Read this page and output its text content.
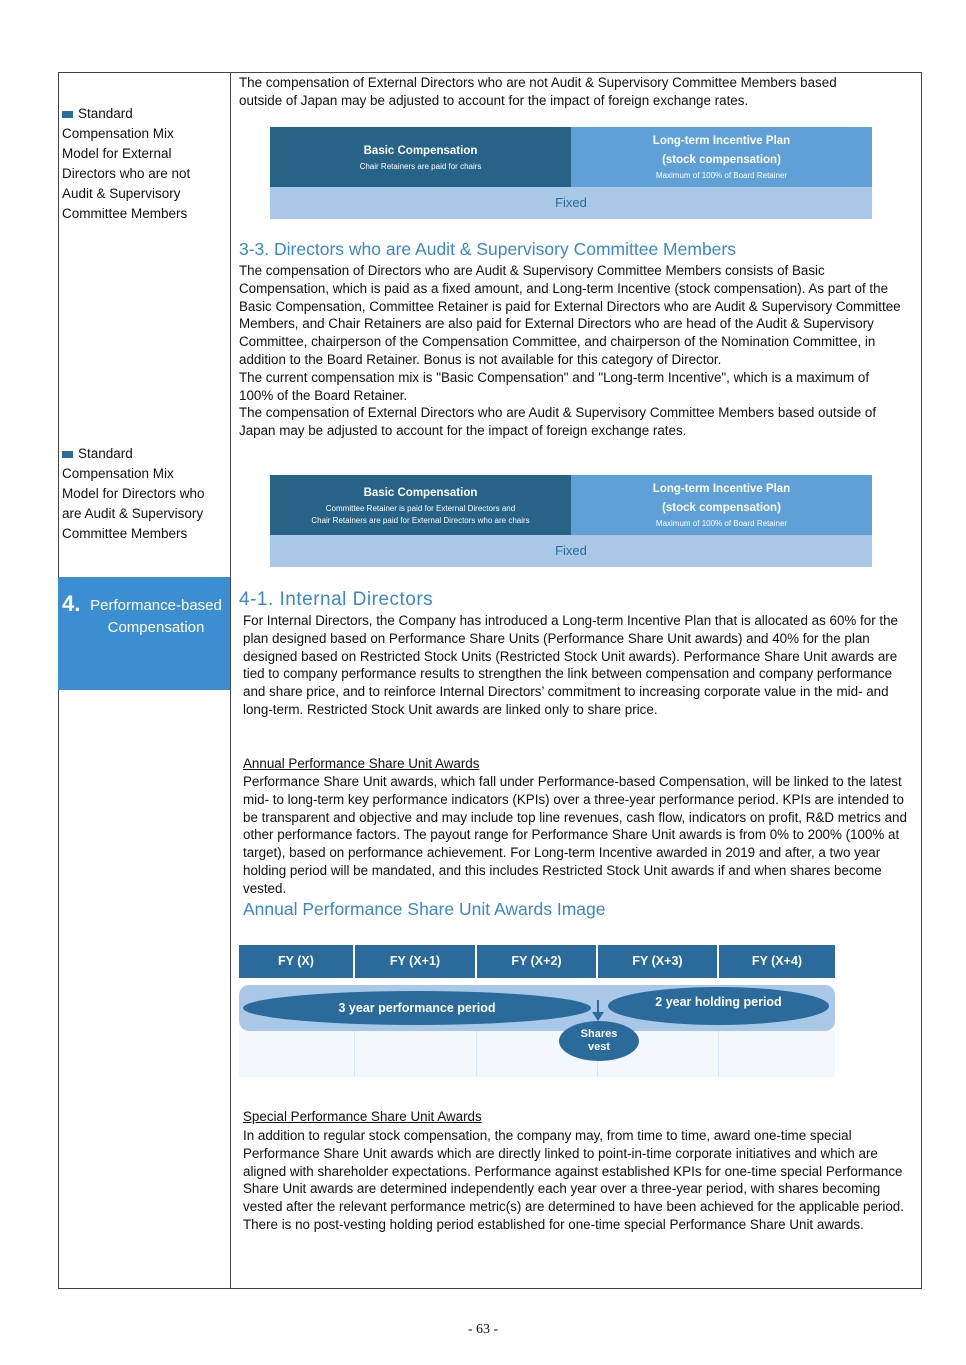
Standard
Compensation Mix
Model for External
Directors who are not
Audit & Supervisory
Committee Members
Standard
Compensation Mix
Model for Directors who
are Audit & Supervisory
Committee Members
4. Performance-based Compensation
The compensation of External Directors who are not Audit & Supervisory Committee Members based outside of Japan may be adjusted to account for the impact of foreign exchange rates.
Basic Compensation
Chair Retainers are paid for chairs
Long-term Incentive Plan
(stock compensation)
Maximum of 100% of Board Retainer
Fixed
3-3. Directors who are Audit & Supervisory Committee Members
The compensation of Directors who are Audit & Supervisory Committee Members consists of Basic Compensation, which is paid as a fixed amount, and Long-term Incentive (stock compensation). As part of the Basic Compensation, Committee Retainer is paid for External Directors who are Audit & Supervisory Committee Members, and Chair Retainers are also paid for External Directors who are head of the Audit & Supervisory Committee, chairperson of the Compensation Committee, and chairperson of the Nomination Committee, in addition to the Board Retainer. Bonus is not available for this category of Director.
The current compensation mix is "Basic Compensation" and "Long-term Incentive", which is a maximum of 100% of the Board Retainer.
The compensation of External Directors who are Audit & Supervisory Committee Members based outside of Japan may be adjusted to account for the impact of foreign exchange rates.
Basic Compensation
Committee Retainer is paid for External Directors and
Chair Retainers are paid for External Directors who are chairs
Long-term Incentive Plan
(stock compensation)
Maximum of 100% of Board Retainer
Fixed
4-1. Internal Directors
For Internal Directors, the Company has introduced a Long-term Incentive Plan that is allocated as 60% for the plan designed based on Performance Share Units (Performance Share Unit awards) and 40% for the plan designed based on Restricted Stock Units (Restricted Stock Unit awards). Performance Share Unit awards are tied to company performance results to strengthen the link between compensation and company performance and share price, and to reinforce Internal Directors’ commitment to increasing corporate value in the mid- and long-term. Restricted Stock Unit awards are linked only to share price.
Annual Performance Share Unit Awards
Performance Share Unit awards, which fall under Performance-based Compensation, will be linked to the latest mid- to long-term key performance indicators (KPIs) over a three-year performance period. KPIs are intended to be transparent and objective and may include top line revenues, cash flow, indicators on profit, R&D metrics and other performance factors. The payout range for Performance Share Unit awards is from 0% to 200% (100% at target), based on performance achievement. For Long-term Incentive awarded in 2019 and after, a two year holding period will be mandated, and this includes Restricted Stock Unit awards if and when shares become vested.
Annual Performance Share Unit Awards Image
FY (X)	FY (X+1)	FY (X+2)	FY (X+3)	FY (X+4)
3 year performance period	2 year holding period
Shares
vest
Special Performance Share Unit Awards
In addition to regular stock compensation, the company may, from time to time, award one-time special Performance Share Unit awards which are directly linked to point-in-time corporate initiatives and which are aligned with shareholder expectations. Performance against established KPIs for one-time special Performance Share Unit awards are determined independently each year over a three-year period, with shares becoming vested after the relevant performance metric(s) are determined to have been achieved for the applicable period. There is no post-vesting holding period established for one-time special Performance Share Unit awards.
- 63 -
